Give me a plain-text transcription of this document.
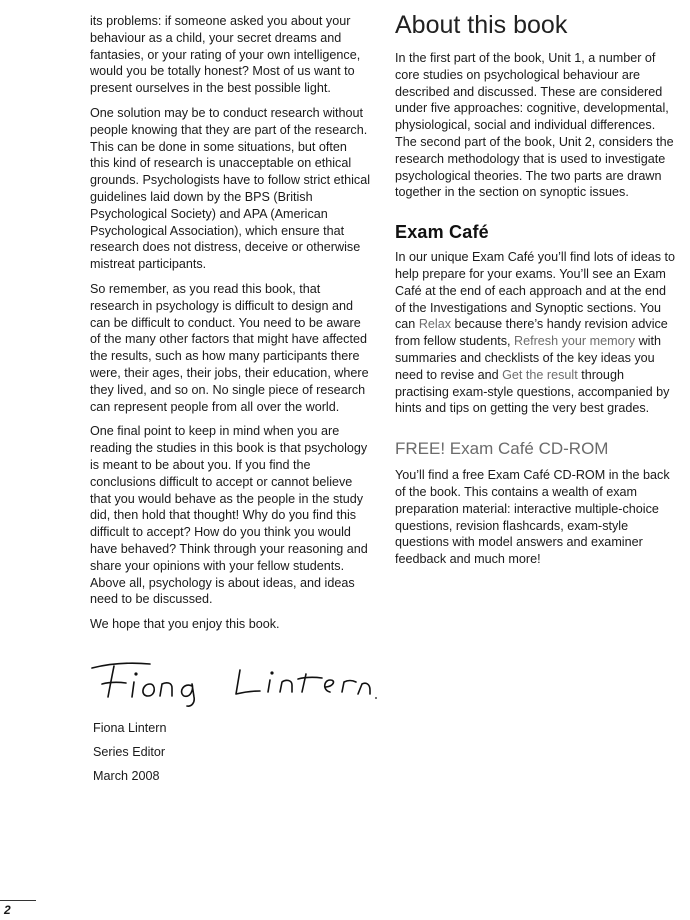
its problems: if someone asked you about your behaviour as a child, your secret dreams and fantasies, or your rating of your own intelligence, would you be totally honest? Most of us want to present ourselves in the best possible light.

One solution may be to conduct research without people knowing that they are part of the research. This can be done in some situations, but often this kind of research is unacceptable on ethical grounds. Psychologists have to follow strict ethical guidelines laid down by the BPS (British Psychological Society) and APA (American Psychological Association), which ensure that research does not distress, deceive or otherwise mistreat participants.

So remember, as you read this book, that research in psychology is difficult to design and can be difficult to conduct. You need to be aware of the many other factors that might have affected the results, such as how many participants there were, their ages, their jobs, their education, where they lived, and so on. No single piece of research can represent people from all over the world.

One final point to keep in mind when you are reading the studies in this book is that psychology is meant to be about you. If you find the conclusions difficult to accept or cannot believe that you would behave as the people in the study did, then hold that thought! Why do you find this difficult to accept? How do you think you would have behaved? Think through your reasoning and share your opinions with your fellow students. Above all, psychology is about ideas, and ideas need to be discussed.

We hope that you enjoy this book.

Fiona Lintern
Series Editor
March 2008
About this book

In the first part of the book, Unit 1, a number of core studies on psychological behaviour are described and discussed. These are considered under five approaches: cognitive, developmental, physiological, social and individual differences. The second part of the book, Unit 2, considers the research methodology that is used to investigate psychological theories. The two parts are drawn together in the section on synoptic issues.

Exam Café

In our unique Exam Café you’ll find lots of ideas to help prepare for your exams. You’ll see an Exam Café at the end of each approach and at the end of the Investigations and Synoptic sections. You can Relax because there’s handy revision advice from fellow students, Refresh your memory with summaries and checklists of the key ideas you need to revise and Get the result through practising exam-style questions, accompanied by hints and tips on getting the very best grades.

FREE! Exam Café CD-ROM

You’ll find a free Exam Café CD-ROM in the back of the book. This contains a wealth of exam preparation material: interactive multiple-choice questions, revision flashcards, exam-style questions with model answers and examiner feedback and much more!

2
